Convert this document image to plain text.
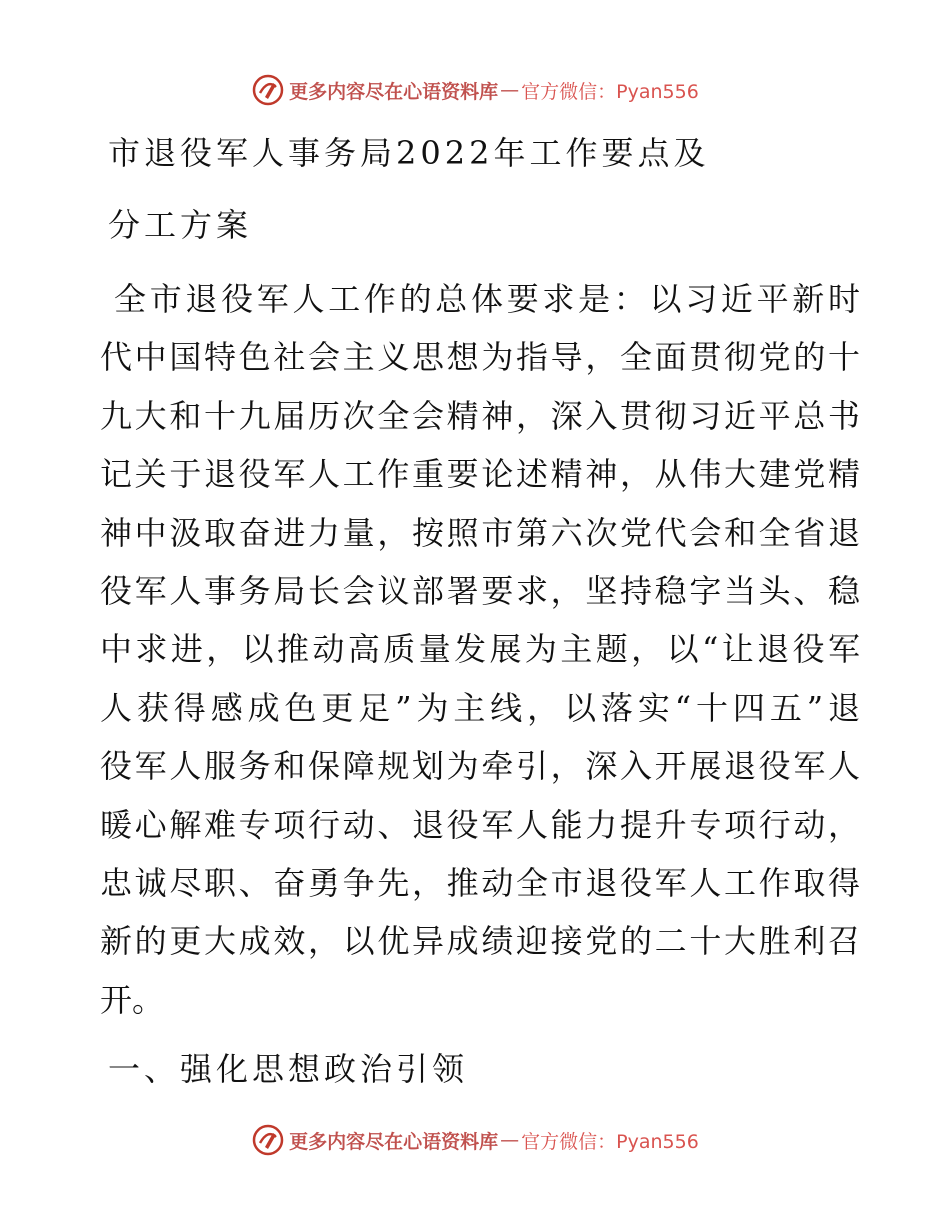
更多内容尽在心语资料库 — 官方微信：Pyan556
市退役军人事务局2022年工作要点及
分工方案
全市退役军人工作的总体要求是：以习近平新时
代中国特色社会主义思想为指导，全面贯彻党的十
九大和十九届历次全会精神，深入贯彻习近平总书
记关于退役军人工作重要论述精神，从伟大建党精
神中汲取奋进力量，按照市第六次党代会和全省退
役军人事务局长会议部署要求，坚持稳字当头、稳
中求进，以推动高质量发展为主题，以“让退役军
人获得感成色更足”为主线，以落实“十四五”退
役军人服务和保障规划为牵引，深入开展退役军人
暖心解难专项行动、退役军人能力提升专项行动，
忠诚尽职、奋勇争先，推动全市退役军人工作取得
新的更大成效，以优异成绩迎接党的二十大胜利召
开。
一、强化思想政治引领
更多内容尽在心语资料库 — 官方微信：Pyan556
